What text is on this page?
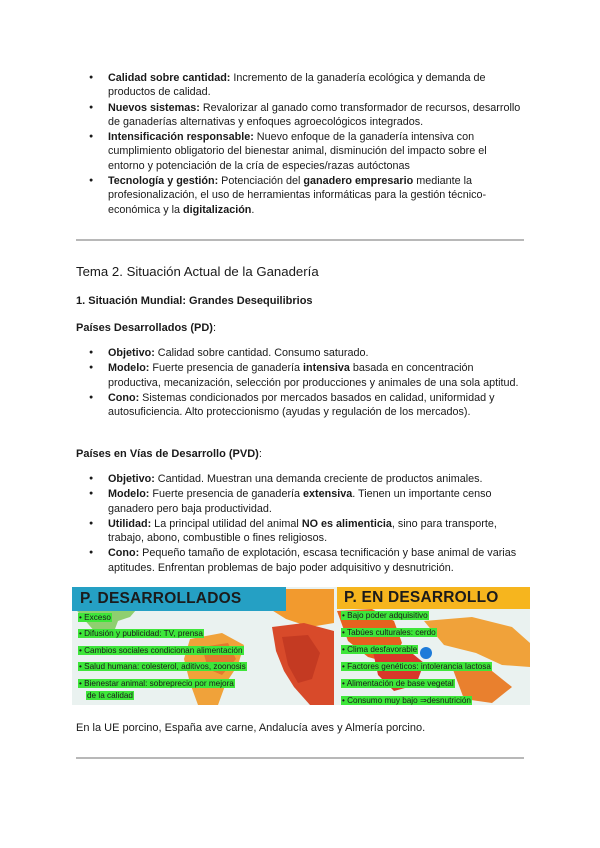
● Calidad sobre cantidad: Incremento de la ganadería ecológica y demanda de productos de calidad.
● Nuevos sistemas: Revalorizar al ganado como transformador de recursos, desarrollo de ganaderías alternativas y enfoques agroecológicos integrados.
● Intensificación responsable: Nuevo enfoque de la ganadería intensiva con cumplimiento obligatorio del bienestar animal, disminución del impacto sobre el entorno y potenciación de la cría de especies/razas autóctonas
● Tecnología y gestión: Potenciación del ganadero empresario mediante la profesionalización, el uso de herramientas informáticas para la gestión técnico-económica y la digitalización.
Tema 2. Situación Actual de la Ganadería
1. Situación Mundial: Grandes Desequilibrios
Países Desarrollados (PD):
● Objetivo: Calidad sobre cantidad. Consumo saturado.
● Modelo: Fuerte presencia de ganadería intensiva basada en concentración productiva, mecanización, selección por producciones y animales de una sola aptitud.
● Cono: Sistemas condicionados por mercados basados en calidad, uniformidad y autosuficiencia. Alto proteccionismo (ayudas y regulación de los mercados).
Países en Vías de Desarrollo (PVD):
● Objetivo: Cantidad. Muestran una demanda creciente de productos animales.
● Modelo: Fuerte presencia de ganadería extensiva. Tienen un importante censo ganadero pero baja productividad.
● Utilidad: La principal utilidad del animal NO es alimenticia, sino para transporte, trabajo, abono, combustible o fines religiosos.
● Cono: Pequeño tamaño de explotación, escasa tecnificación y base animal de varias aptitudes. Enfrentan problemas de bajo poder adquisitivo y desnutrición.
P. DESARROLLADOS
• Exceso
• Difusión y publicidad: TV, prensa
• Cambios sociales condicionan alimentación
• Salud humana: colesterol, aditivos, zoonosis
• Bienestar animal: sobreprecio por mejora
de la calidad
P. EN DESARROLLO
• Bajo poder adquisitivo
• Tabúes culturales: cerdo
• Clima desfavorable
• Factores genéticos: intolerancia lactosa
• Alimentación de base vegetal
• Consumo muy bajo ⇒desnutrición
En la UE porcino, España ave carne, Andalucía aves y Almería porcino.
